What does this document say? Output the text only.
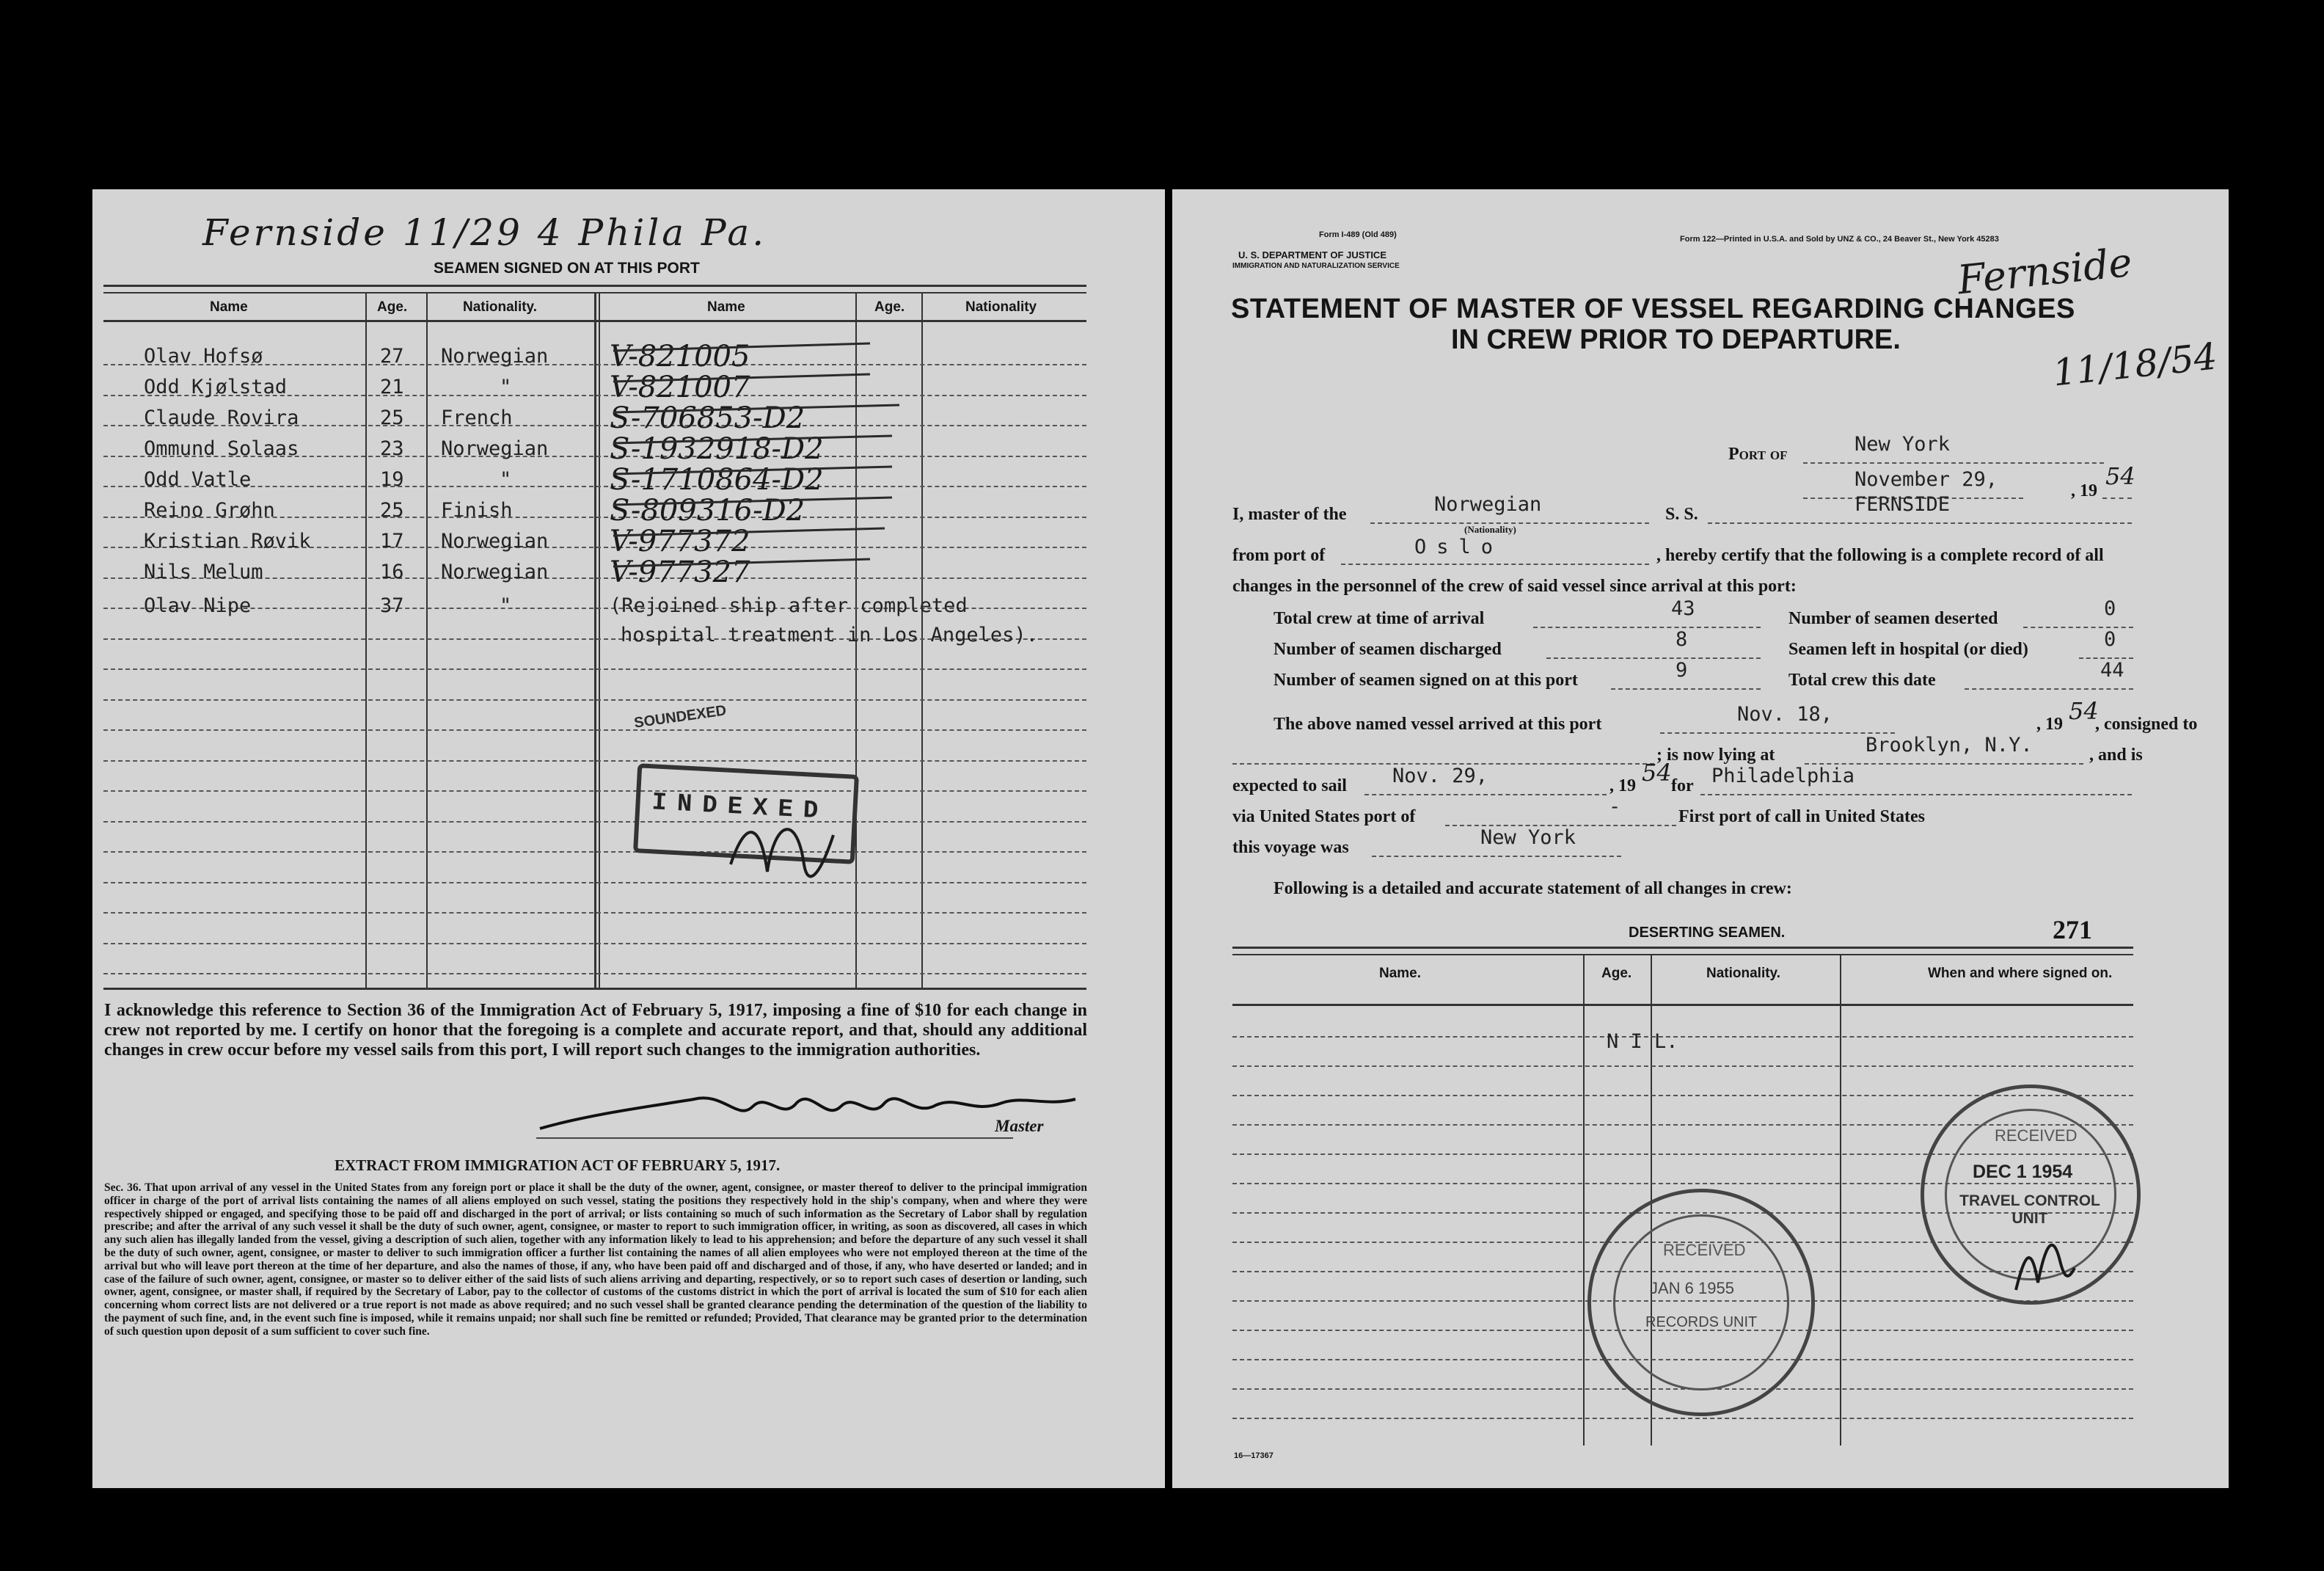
Fernside 11/29 4 Phila Pa.
SEAMEN SIGNED ON AT THIS PORT
Name	Age.	Nationality.	Name	Age.	Nationality
Olav Hofsø	27 Norwegian V-821005
Odd Kjølstad	21	"	V-821007
Claude Rovira	25 French	S-706853-D2
Ommund Solaas	23 Norwegian S-1932918-D2
Odd Vatle	19	"	S-1710864-D2
Reino Grøhn	25 Finish	S-809316-D2
Kristian Røvik	17 Norwegian V-977372
Nils Melum	16 Norwegian V-977327
Olav Nipe	37	"	(Rejoined ship after completed
hospital treatment in Los Angeles).
SOUNDEXED
INDEXED
I acknowledge this reference to Section 36 of the Immigration Act of February 5, 1917, imposing a fine of $10 for each change in crew not reported by me. I certify on honor that the foregoing is a complete and accurate report, and that, should any additional changes in crew occur before my vessel sails from this port, I will report such changes to the immigration authorities.
Master
EXTRACT FROM IMMIGRATION ACT OF FEBRUARY 5, 1917.
Sec. 36. That upon arrival of any vessel in the United States from any foreign port or place it shall be the duty of the owner, agent, consignee, or master thereof to deliver to the principal immigration officer in charge of the port of arrival lists containing the names of all aliens employed on such vessel, stating the positions they respectively hold in the ship's company, when and where they were respectively shipped or engaged, and specifying those to be paid off and discharged in the port of arrival; or lists containing so much of such information as the Secretary of Labor shall by regulation prescribe; and after the arrival of any such vessel it shall be the duty of such owner, agent, consignee, or master to report to such immigration officer, in writing, as soon as discovered, all cases in which any such alien has illegally landed from the vessel, giving a description of such alien, together with any information likely to lead to his apprehension; and before the departure of any such vessel it shall be the duty of such owner, agent, consignee, or master to deliver to such immigration officer a further list containing the names of all alien employees who were not employed thereon at the time of the arrival but who will leave port thereon at the time of her departure, and also the names of those, if any, who have been paid off and discharged and of those, if any, who have deserted or landed; and in case of the failure of such owner, agent, consignee, or master so to deliver either of the said lists of such aliens arriving and departing, respectively, or so to report such cases of desertion or landing, such owner, agent, consignee, or master shall, if required by the Secretary of Labor, pay to the collector of customs of the customs district in which the port of arrival is located the sum of $10 for each alien concerning whom correct lists are not delivered or a true report is not made as above required; and no such vessel shall be granted clearance pending the determination of the question of the liability to the payment of such fine, and, in the event such fine is imposed, while it remains unpaid; nor shall such fine be remitted or refunded; Provided, That clearance may be granted prior to the determination of such question upon deposit of a sum sufficient to cover such fine.
Form I-489 (Old 489)
U. S. DEPARTMENT OF JUSTICE
IMMIGRATION AND NATURALIZATION SERVICE
Form 122—Printed in U.S.A. and Sold by UNZ & CO., 24 Beaver St., New York 45283
Fernside
11/18/54
STATEMENT OF MASTER OF VESSEL REGARDING CHANGES
IN CREW PRIOR TO DEPARTURE.
Port of	New York
November 29,	, 19
54
I, master of the	Norwegian
(Nationality)
S. S.	FERNSIDE
from port of	Oslo	, hereby certify that the following is a complete record of all
changes in the personnel of the crew of said vessel since arrival at this port:
Total crew at time of arrival	43	Number of seamen deserted	0
Number of seamen discharged	8	Seamen left in hospital (or died)	0
Number of seamen signed on at this port	9	Total crew this date	44
The above named vessel arrived at this port	Nov. 18,	, 19 54
, consigned to
; is now lying at	Brooklyn, N.Y.	, and is
expected to sail Nov. 29,	, 19 54 for Philadelphia
via United States port of	-	First port of call in United States
this voyage was	New York
Following is a detailed and accurate statement of all changes in crew:
DESERTING SEAMEN.	271
Name.	Age.	Nationality.	When and where signed on.
N I L.
RECEIVED
DEC 1 1954
TRAVEL CONTROL UNIT
RECEIVED
JAN 6 1955
RECORDS UNIT
16—17367
